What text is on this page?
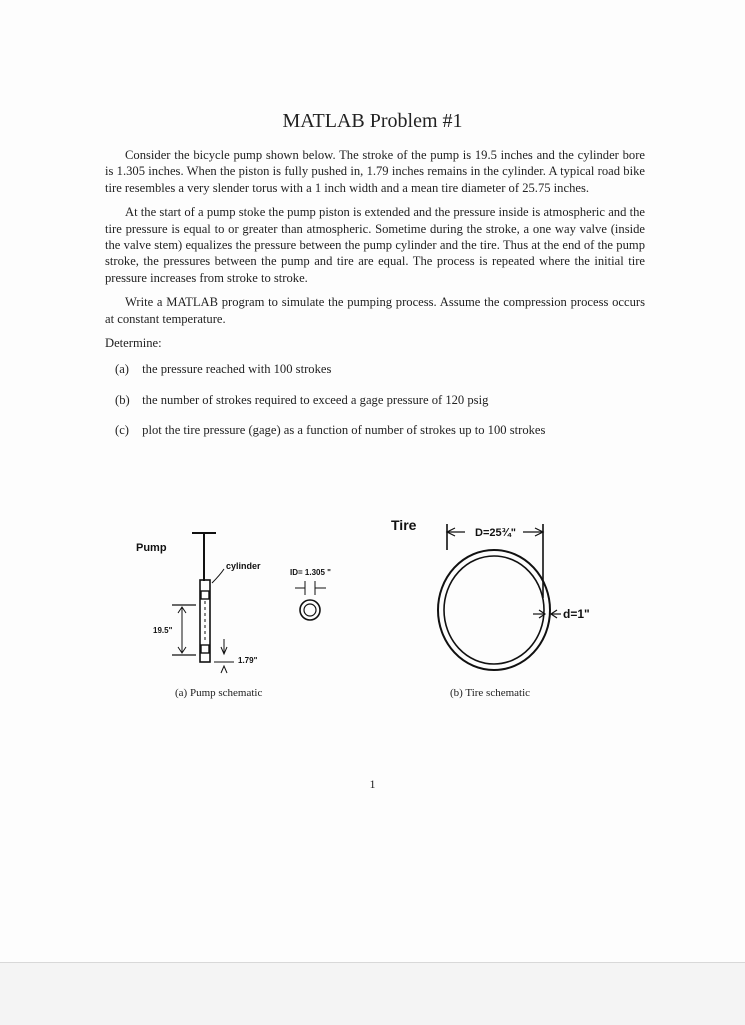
MATLAB Problem #1

Consider the bicycle pump shown below. The stroke of the pump is 19.5 inches and the cylinder bore is 1.305 inches. When the piston is fully pushed in, 1.79 inches remains in the cylinder. A typical road bike tire resembles a very slender torus with a 1 inch width and a mean tire diameter of 25.75 inches.

At the start of a pump stoke the pump piston is extended and the pressure inside is atmospheric and the tire pressure is equal to or greater than atmospheric. Sometime during the stroke, a one way valve (inside the valve stem) equalizes the pressure between the pump cylinder and the tire. Thus at the end of the pump stroke, the pressures between the pump and tire are equal. The process is repeated where the initial tire pressure increases from stroke to stroke.

Write a MATLAB program to simulate the pumping process. Assume the compression process occurs at constant temperature.

Determine:

(a) the pressure reached with 100 strokes
(b) the number of strokes required to exceed a gage pressure of 120 psig
(c) plot the tire pressure (gage) as a function of number of strokes up to 100 strokes
Pump
cylinder
19.5"
1.79"
ID= 1.305 "
(a) Pump schematic
Tire	D=25¾"
d=1"
(b) Tire schematic
1
